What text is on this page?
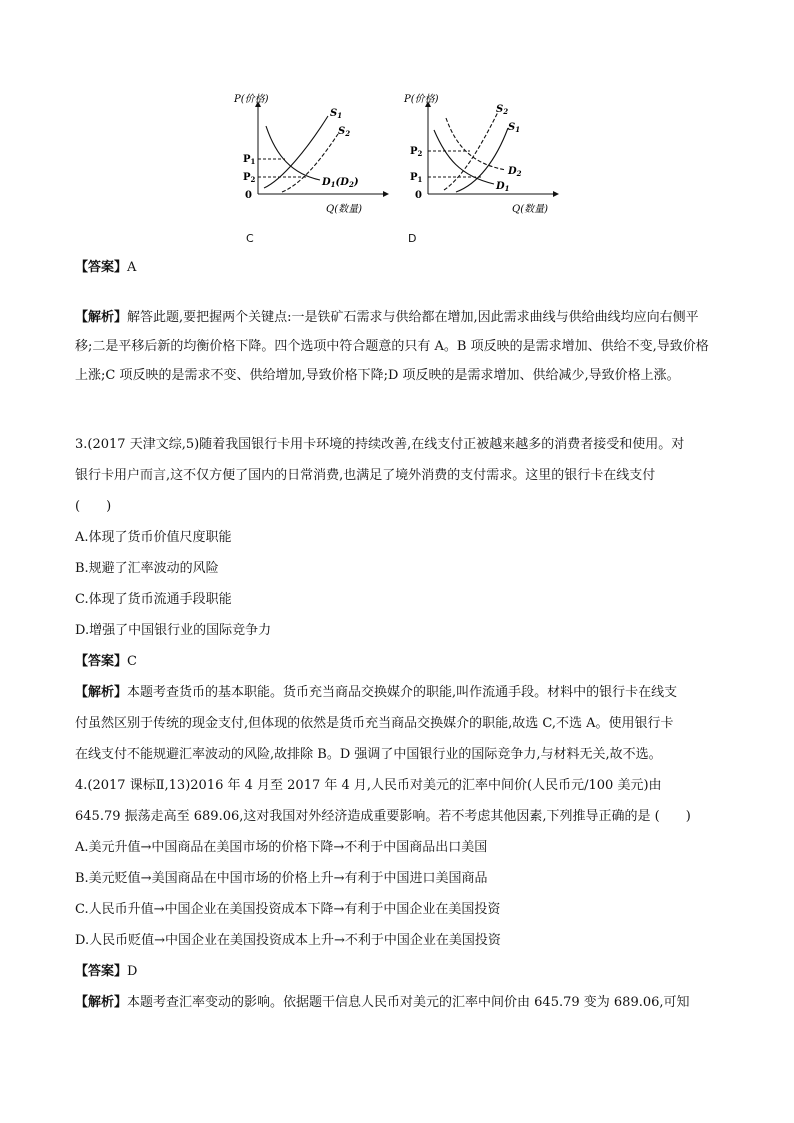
P(价格)
Q(数量)
0
$P_1$
$P_2$
$S_1$
$S_2$
$D_1(D_2)$
C
P(价格)
Q(数量)
0
$P_2$
$P_1$
$S_2$
$S_1$
$D_2$
$D_1$
D
【答案】A
【解析】解答此题,要把握两个关键点:一是铁矿石需求与供给都在增加,因此需求曲线与供给曲线均应向右侧平移;二是平移后新的均衡价格下降。四个选项中符合题意的只有 A。B 项反映的是需求增加、供给不变,导致价格上涨;C 项反映的是需求不变、供给增加,导致价格下降;D 项反映的是需求增加、供给减少,导致价格上涨。
3.(2017 天津文综,5)随着我国银行卡用卡环境的持续改善,在线支付正被越来越多的消费者接受和使用。对
银行卡用户而言,这不仅方便了国内的日常消费,也满足了境外消费的支付需求。这里的银行卡在线支付
(　　)
A.体现了货币价值尺度职能
B.规避了汇率波动的风险
C.体现了货币流通手段职能
D.增强了中国银行业的国际竞争力
【答案】C
【解析】本题考查货币的基本职能。货币充当商品交换媒介的职能,叫作流通手段。材料中的银行卡在线支
付虽然区别于传统的现金支付,但体现的依然是货币充当商品交换媒介的职能,故选 C,不选 A。使用银行卡
在线支付不能规避汇率波动的风险,故排除 B。D 强调了中国银行业的国际竞争力,与材料无关,故不选。
4.(2017 课标Ⅱ,13)2016 年 4 月至 2017 年 4 月,人民币对美元的汇率中间价(人民币元/100 美元)由
645.79 振荡走高至 689.06,这对我国对外经济造成重要影响。若不考虑其他因素,下列推导正确的是 (　　)
A.美元升值→中国商品在美国市场的价格下降→不利于中国商品出口美国
B.美元贬值→美国商品在中国市场的价格上升→有利于中国进口美国商品
C.人民币升值→中国企业在美国投资成本下降→有利于中国企业在美国投资
D.人民币贬值→中国企业在美国投资成本上升→不利于中国企业在美国投资
【答案】D
【解析】本题考查汇率变动的影响。依据题干信息人民币对美元的汇率中间价由 645.79 变为 689.06,可知
